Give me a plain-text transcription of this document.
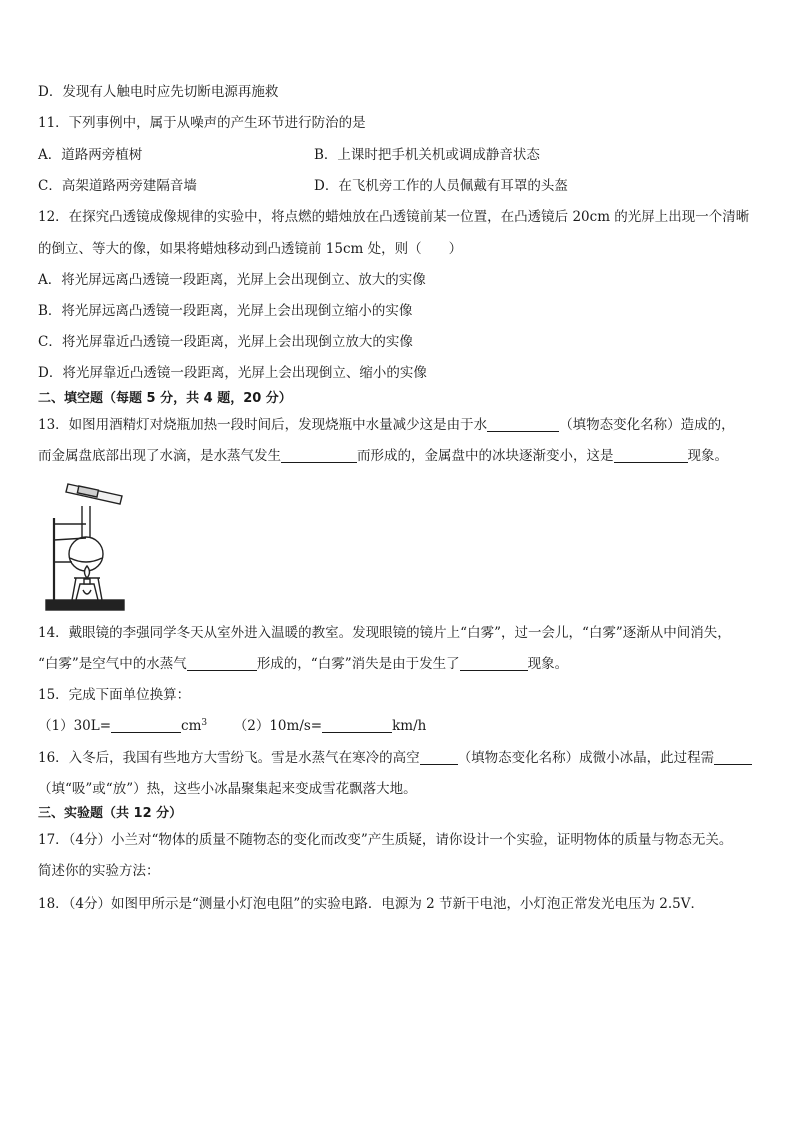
D．发现有人触电时应先切断电源再施救
11．下列事例中，属于从噪声的产生环节进行防治的是
A．道路两旁植树	B．上课时把手机关机或调成静音状态
C．高架道路两旁建隔音墙	D．在飞机旁工作的人员佩戴有耳罩的头盔
12．在探究凸透镜成像规律的实验中，将点燃的蜡烛放在凸透镜前某一位置，在凸透镜后 20cm 的光屏上出现一个清晰
的倒立、等大的像，如果将蜡烛移动到凸透镜前 15cm 处，则（　　）
A．将光屏远离凸透镜一段距离，光屏上会出现倒立、放大的实像
B．将光屏远离凸透镜一段距离，光屏上会出现倒立缩小的实像
C．将光屏靠近凸透镜一段距离，光屏上会出现倒立放大的实像
D．将光屏靠近凸透镜一段距离，光屏上会出现倒立、缩小的实像
二、填空题（每题 5 分，共 4 题，20 分）
13．如图用酒精灯对烧瓶加热一段时间后，发现烧瓶中水量减少这是由于水	（填物态变化名称）造成的，
而金属盘底部出现了水滴，是水蒸气发生	而形成的，金属盘中的冰块逐渐变小，这是	现象。
14．戴眼镜的李强同学冬天从室外进入温暖的教室。发现眼镜的镜片上“白雾”，过一会儿，“白雾”逐渐从中间消失，
“白雾”是空气中的水蒸气	形成的，“白雾”消失是由于发生了	现象。
15．完成下面单位换算：
（1）30L=	$cm^3$ （2）10m/s=	km/h
16．入冬后，我国有些地方大雪纷飞。雪是水蒸气在寒冷的高空	（填物态变化名称）成微小冰晶，此过程需
（填“吸”或“放”）热，这些小冰晶聚集起来变成雪花飘落大地。
三、实验题（共 12 分）
17．（4分）小兰对“物体的质量不随物态的变化而改变”产生质疑，请你设计一个实验，证明物体的质量与物态无关。
简述你的实验方法：
18．（4分）如图甲所示是“测量小灯泡电阻”的实验电路．电源为 2 节新干电池，小灯泡正常发光电压为 2.5V．
